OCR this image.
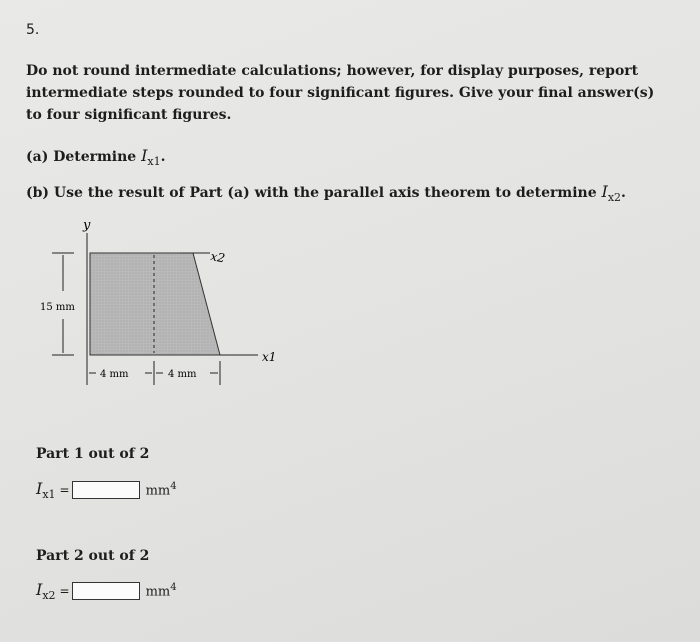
5.
Do not round intermediate calculations; however, for display purposes, report intermediate steps rounded to four significant figures. Give your final answer(s) to four significant figures.
(a) Determine $I_{x1}$.
(b) Use the result of Part (a) with the parallel axis theorem to determine $I_{x2}$.
y
x2
x1
15 mm
4 mm	4 mm
Part 1 out of 2
$I_{x1}$ =	$mm^4$
Part 2 out of 2
$I_{x2}$ =	$mm^4$
